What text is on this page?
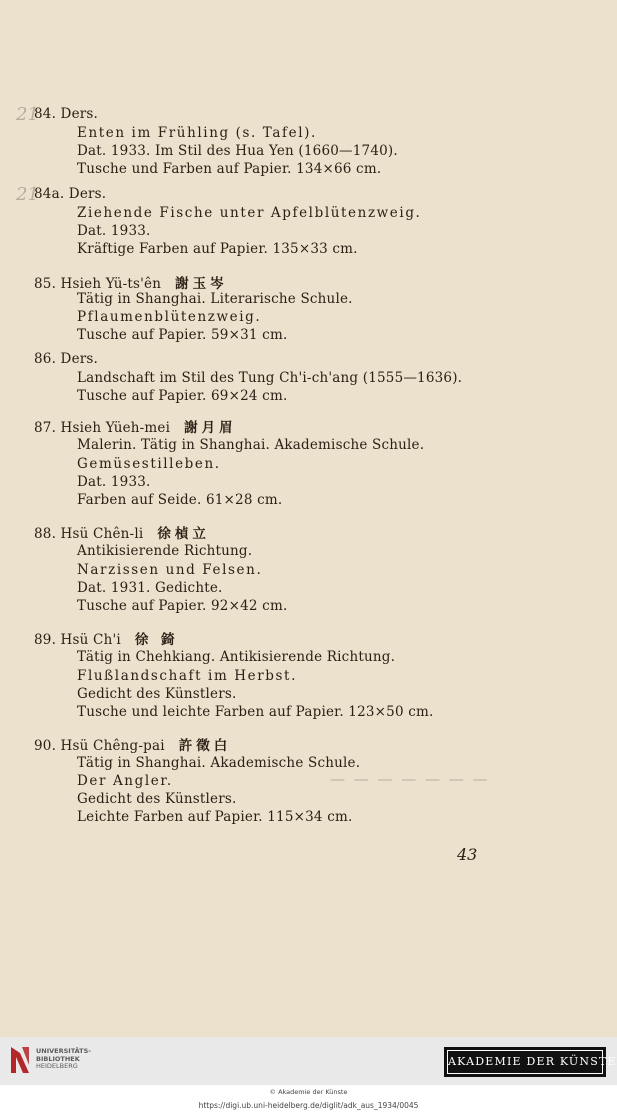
21
21
— — — — — — —
84. Ders.
Enten im Frühling (s. Tafel).
Dat. 1933. Im Stil des Hua Yen (1660—1740).
Tusche und Farben auf Papier. 134×66 cm.
84a. Ders.
Ziehende Fische unter Apfelblütenzweig.
Dat. 1933.
Kräftige Farben auf Papier. 135×33 cm.
85. Hsieh Yü-ts'ên 謝玉岑
Tätig in Shanghai. Literarische Schule.
Pflaumenblütenzweig.
Tusche auf Papier. 59×31 cm.
86. Ders.
Landschaft im Stil des Tung Ch'i-ch'ang (1555—1636).
Tusche auf Papier. 69×24 cm.
87. Hsieh Yüeh-mei 謝月眉
Malerin. Tätig in Shanghai. Akademische Schule.
Gemüsestilleben.
Dat. 1933.
Farben auf Seide. 61×28 cm.
88. Hsü Chên-li 徐楨立
Antikisierende Richtung.
Narzissen und Felsen.
Dat. 1931. Gedichte.
Tusche auf Papier. 92×42 cm.
89. Hsü Ch'i 徐 錡
Tätig in Chehkiang. Antikisierende Richtung.
Flußlandschaft im Herbst.
Gedicht des Künstlers.
Tusche und leichte Farben auf Papier. 123×50 cm.
90. Hsü Chêng-pai 許徵白
Tätig in Shanghai. Akademische Schule.
Der Angler.
Gedicht des Künstlers.
Leichte Farben auf Papier. 115×34 cm.
43
UNIVERSITÄTS-
BIBLIOTHEK
HEIDELBERG	AKADEMIE DER KÜNSTE
© Akademie der Künste
https://digi.ub.uni-heidelberg.de/diglit/adk_aus_1934/0045
